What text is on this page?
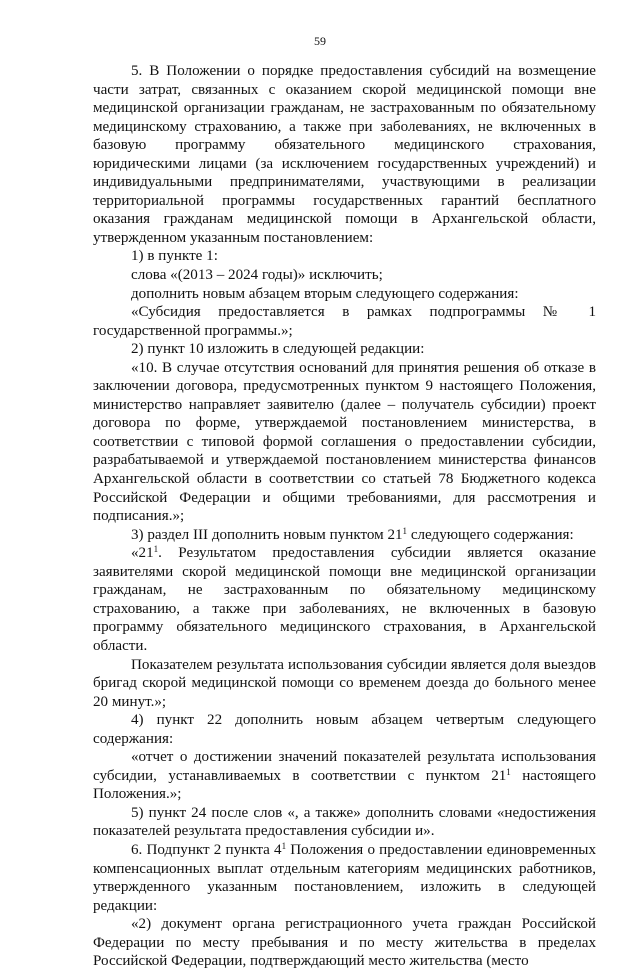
59

5. В Положении о порядке предоставления субсидий на возмещение части затрат, связанных с оказанием скорой медицинской помощи вне медицинской организации гражданам, не застрахованным по обязательному медицинскому страхованию, а также при заболеваниях, не включенных в базовую программу обязательного медицинского страхования, юридическими лицами (за исключением государственных учреждений) и индивидуальными предпринимателями, участвующими в реализации территориальной программы государственных гарантий бесплатного оказания гражданам медицинской помощи в Архангельской области, утвержденном указанным постановлением:

1) в пункте 1:

слова «(2013 – 2024 годы)» исключить;

дополнить новым абзацем вторым следующего содержания:

«Субсидия предоставляется в рамках подпрограммы № 1 государственной программы.»;

2) пункт 10 изложить в следующей редакции:

«10. В случае отсутствия оснований для принятия решения об отказе в заключении договора, предусмотренных пунктом 9 настоящего Положения, министерство направляет заявителю (далее – получатель субсидии) проект договора по форме, утверждаемой постановлением министерства, в соответствии с типовой формой соглашения о предоставлении субсидии, разрабатываемой и утверждаемой постановлением министерства финансов Архангельской области в соответствии со статьей 78 Бюджетного кодекса Российской Федерации и общими требованиями, для рассмотрения и подписания.»;

3) раздел III дополнить новым пунктом $21^1$ следующего содержания:

«$21^1$. Результатом предоставления субсидии является оказание заявителями скорой медицинской помощи вне медицинской организации гражданам, не застрахованным по обязательному медицинскому страхованию, а также при заболеваниях, не включенных в базовую программу обязательного медицинского страхования, в Архангельской области.

Показателем результата использования субсидии является доля выездов бригад скорой медицинской помощи со временем доезда до больного менее 20 минут.»;

4) пункт 22 дополнить новым абзацем четвертым следующего содержания:

«отчет о достижении значений показателей результата использования субсидии, устанавливаемых в соответствии с пунктом $21^1$ настоящего Положения.»;

5) пункт 24 после слов «, а также» дополнить словами «недостижения показателей результата предоставления субсидии и».

6. Подпункт 2 пункта $4^1$ Положения о предоставлении единовременных компенсационных выплат отдельным категориям медицинских работников, утвержденного указанным постановлением, изложить в следующей редакции:

«2) документ органа регистрационного учета граждан Российской Федерации по месту пребывания и по месту жительства в пределах Российской Федерации, подтверждающий место жительства (место
